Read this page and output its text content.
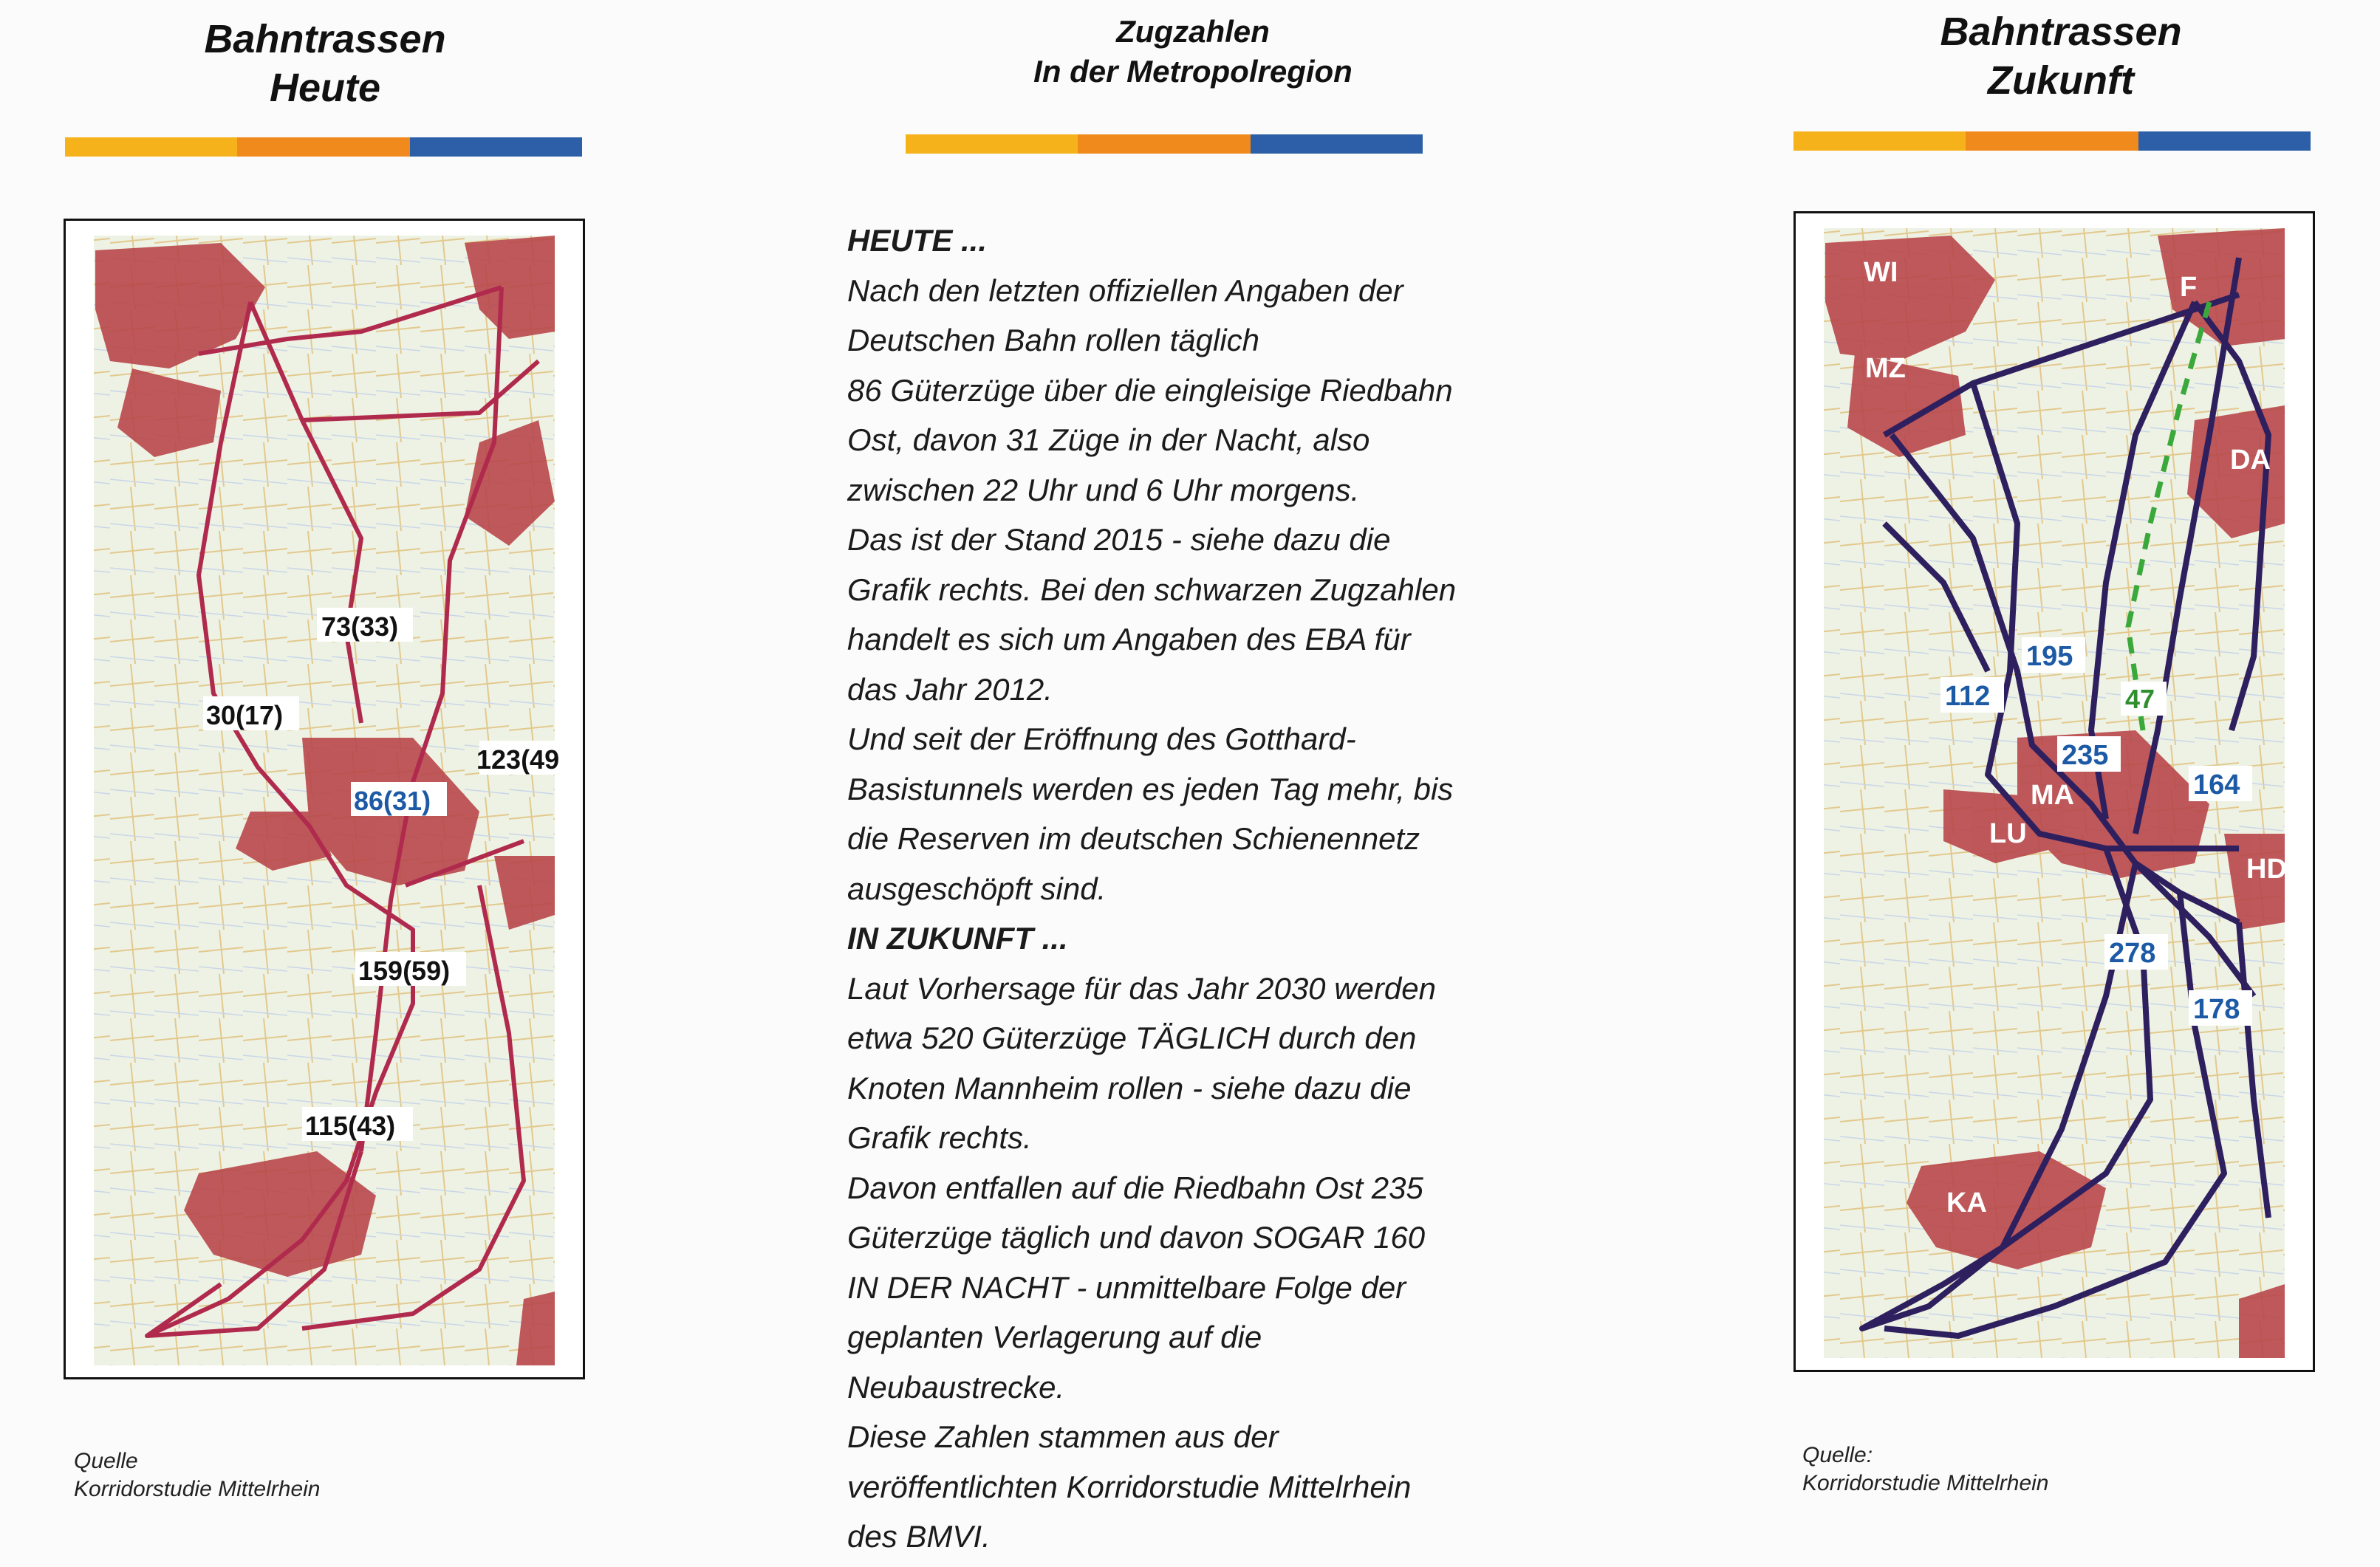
Bahntrassen
Heute
73(33)
30(17)
123(49
86(31)
159(59)
115(43)
Quelle
Korridorstudie Mittelrhein
Zugzahlen
In der Metropolregion
HEUTE ...
Nach den letzten offiziellen Angaben der
Deutschen Bahn rollen täglich
86 Güterzüge über die eingleisige Riedbahn
Ost, davon 31 Züge in der Nacht, also
zwischen 22 Uhr und 6 Uhr morgens.
Das ist der Stand 2015 - siehe dazu die
Grafik rechts. Bei den schwarzen Zugzahlen
handelt es sich um Angaben des EBA für
das Jahr 2012.
Und seit der Eröffnung des Gotthard-
Basistunnels werden es jeden Tag mehr, bis
die Reserven im deutschen Schienennetz
ausgeschöpft sind.
IN ZUKUNFT ...
Laut Vorhersage für das Jahr 2030 werden
etwa 520 Güterzüge TÄGLICH durch den
Knoten Mannheim rollen - siehe dazu die
Grafik rechts.
Davon entfallen auf die Riedbahn Ost 235
Güterzüge täglich und davon SOGAR 160
IN DER NACHT - unmittelbare Folge der
geplanten Verlagerung auf die
Neubaustrecke.
Diese Zahlen stammen aus der
veröffentlichten Korridorstudie Mittelrhein
des BMVI.
Bahntrassen
Zukunft
WI
MZ
F
DA
MA
LU
HD
KA
195
112	47
235
164
278
178
Quelle:
Korridorstudie Mittelrhein
